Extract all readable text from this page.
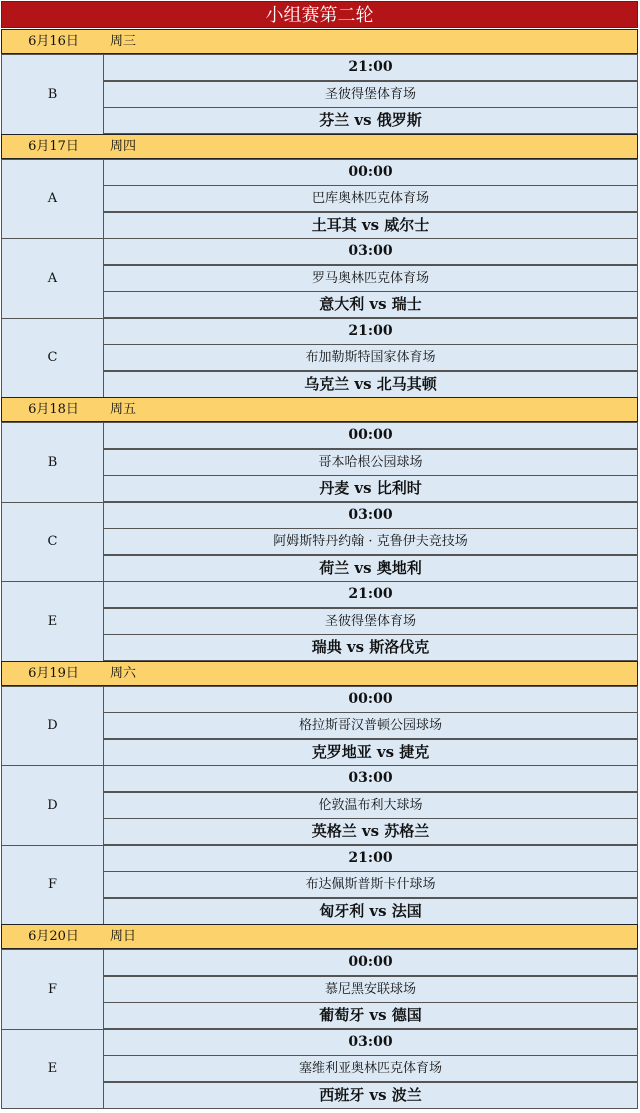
小组赛第二轮
6月16日	周三
B
21:00
圣彼得堡体育场
芬兰 vs 俄罗斯
6月17日	周四
A
00:00
巴库奥林匹克体育场
土耳其 vs 威尔士
A
03:00
罗马奥林匹克体育场
意大利 vs 瑞士
C
21:00
布加勒斯特国家体育场
乌克兰 vs 北马其顿
6月18日	周五
B
00:00
哥本哈根公园球场
丹麦 vs 比利时
C
03:00
阿姆斯特丹约翰 · 克鲁伊夫竞技场
荷兰 vs 奥地利
E
21:00
圣彼得堡体育场
瑞典 vs 斯洛伐克
6月19日	周六
D
00:00
格拉斯哥汉普顿公园球场
克罗地亚 vs 捷克
D
03:00
伦敦温布利大球场
英格兰 vs 苏格兰
F
21:00
布达佩斯普斯卡什球场
匈牙利 vs 法国
6月20日	周日
F
00:00
慕尼黑安联球场
葡萄牙 vs 德国
E
03:00
塞维利亚奥林匹克体育场
西班牙 vs 波兰
